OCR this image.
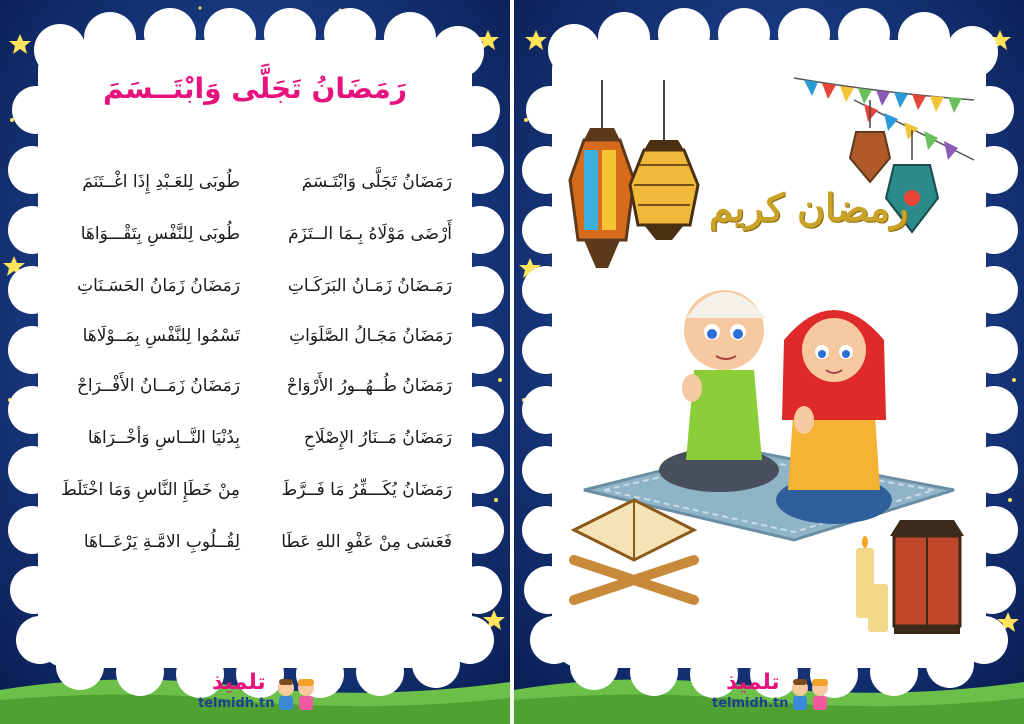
رَمَضَانُ تَجَلَّى وَابْتَــسَمَ
رَمَضَانُ تَجَلَّى وَابْتَـسَمَ
طُوبَى لِلعَـبْدِ إِذَا اغْــتَنَمَ
أَرْضَى مَوْلَاهُ بِـمَا الــتَزَمَ
طُوبَى لِلنَّفْسِ بِتَقْـــوَاهَا
رَمَـضَانُ زَمَـانُ البَرَكَـاتِ
رَمَضَانُ زَمَانُ الحَسَـنَاتِ
رَمَضَانُ مَجَـالُ الصَّلَوَاتِ
تَسْمُوا لِلنَّفْسِ بِمَــوْلَاهَا
رَمَضَانُ طُــهُــورُ الأَرْوَاحْ
رَمَضَانُ زَمَــانُ الأَفْــرَاحْ
رَمَضَانُ مَــنَارُ الإِصْلَاحِ
بِدُنْيَا النَّــاسِ وَأخْــرَاهَا
رَمَضَانُ يُكَـــفِّرُ مَا فَــرَّطَ
مِنْ خَطَإِ النَّاسِ وَمَا اخْتَلَطَ
فَعَسَى مِنْ عَفْوِ اللهِ عَطَا
لِقُــلُوبِ الامَّـةِ يَرْعَــاهَا
تلميذ
telmidh.tn
رمضان كريم
تلميذ
telmidh.tn
